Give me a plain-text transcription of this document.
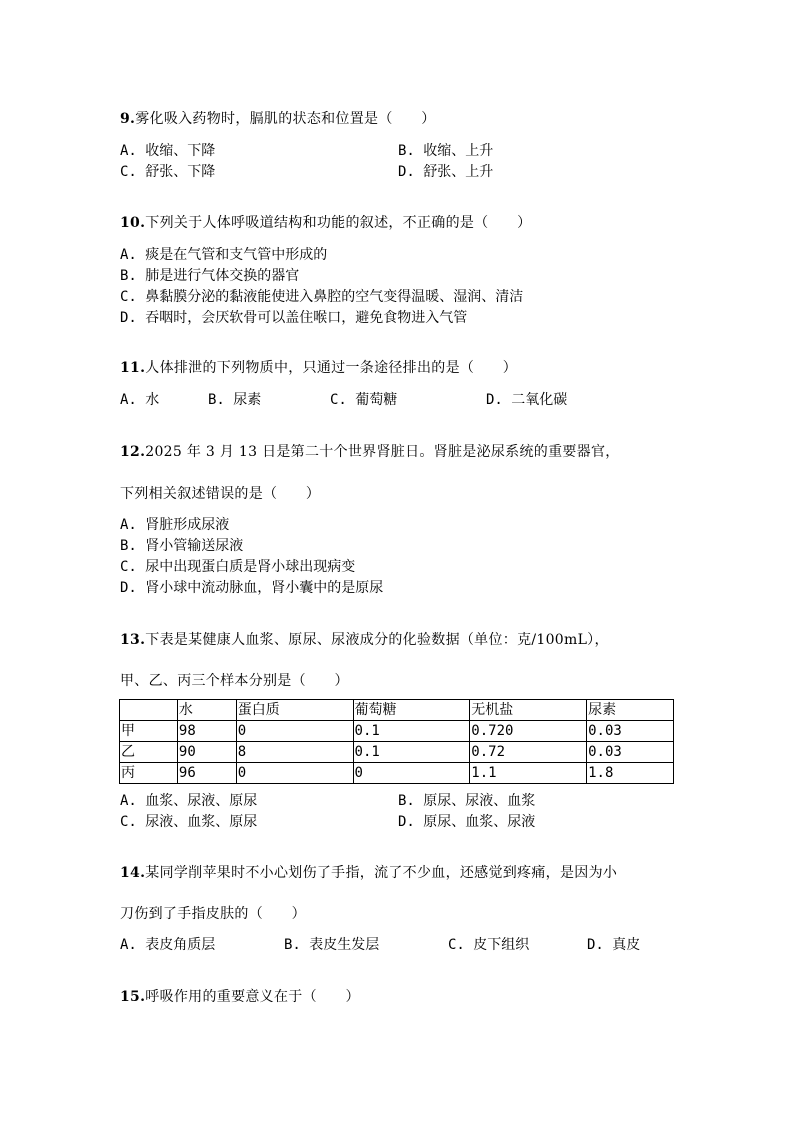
9.雾化吸入药物时，膈肌的状态和位置是（　　）
A. 收缩、下降	B. 收缩、上升
C. 舒张、下降	D. 舒张、上升
10.下列关于人体呼吸道结构和功能的叙述，不正确的是（　　）
A. 痰是在气管和支气管中形成的
B. 肺是进行气体交换的器官
C. 鼻黏膜分泌的黏液能使进入鼻腔的空气变得温暖、湿润、清洁
D. 吞咽时，会厌软骨可以盖住喉口，避免食物进入气管
11.人体排泄的下列物质中，只通过一条途径排出的是（　　）
A. 水	B. 尿素	C. 葡萄糖	D. 二氧化碳
12.2025 年 3 月 13 日是第二十个世界肾脏日。肾脏是泌尿系统的重要器官，
下列相关叙述错误的是（　　）
A. 肾脏形成尿液
B. 肾小管输送尿液
C. 尿中出现蛋白质是肾小球出现病变
D. 肾小球中流动脉血，肾小囊中的是原尿
13.下表是某健康人血浆、原尿、尿液成分的化验数据（单位：克/100mL），
甲、乙、丙三个样本分别是（　　）
	水	蛋白质	葡萄糖	无机盐	尿素
甲	98	0	0.1	0.720	0.03
乙	90	8	0.1	0.72	0.03
丙	96	0	0	1.1	1.8
A. 血浆、尿液、原尿	B. 原尿、尿液、血浆
C. 尿液、血浆、原尿	D. 原尿、血浆、尿液
14.某同学削苹果时不小心划伤了手指，流了不少血，还感觉到疼痛，是因为小
刀伤到了手指皮肤的（　　）
A. 表皮角质层	B. 表皮生发层	C. 皮下组织	D. 真皮
15.呼吸作用的重要意义在于（　　）
